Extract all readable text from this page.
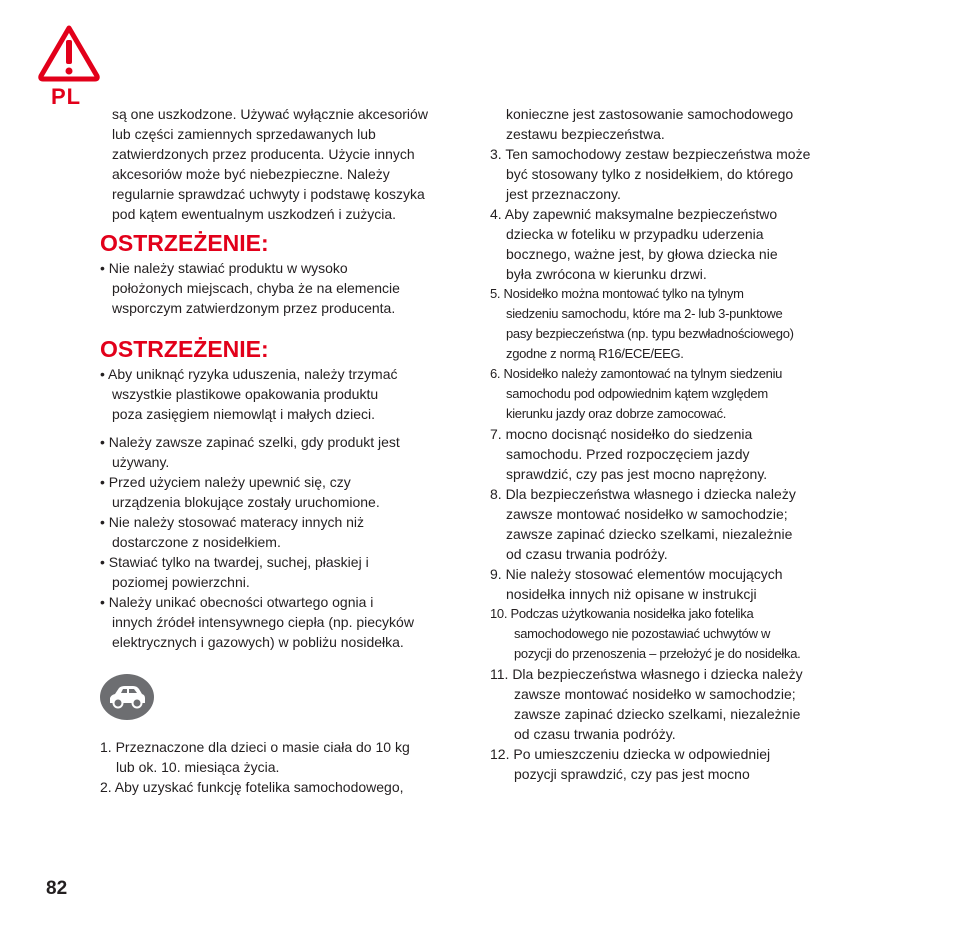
PL
są one uszkodzone. Używać wyłącznie akcesoriów
lub części zamiennych sprzedawanych lub
zatwierdzonych przez producenta. Użycie innych
akcesoriów może być niebezpieczne. Należy
regularnie sprawdzać uchwyty i podstawę koszyka
pod kątem ewentualnym uszkodzeń i zużycia.
OSTRZEŻENIE:
• Nie należy stawiać produktu w wysoko
położonych miejscach, chyba że na elemencie
wsporczym zatwierdzonym przez producenta.
OSTRZEŻENIE:
• Aby uniknąć ryzyka uduszenia, należy trzymać
wszystkie plastikowe opakowania produktu
poza zasięgiem niemowląt i małych dzieci.
• Należy zawsze zapinać szelki, gdy produkt jest
używany.
• Przed użyciem należy upewnić się, czy
urządzenia blokujące zostały uruchomione.
• Nie należy stosować materacy innych niż
dostarczone z nosidełkiem.
• Stawiać tylko na twardej, suchej, płaskiej i
poziomej powierzchni.
• Należy unikać obecności otwartego ognia i
innych źródeł intensywnego ciepła (np. piecyków
elektrycznych i gazowych) w pobliżu nosidełka.
1. Przeznaczone dla dzieci o masie ciała do 10 kg
lub ok. 10. miesiąca życia.
2. Aby uzyskać funkcję fotelika samochodowego,
konieczne jest zastosowanie samochodowego
zestawu bezpieczeństwa.
3. Ten samochodowy zestaw bezpieczeństwa może
być stosowany tylko z nosidełkiem, do którego
jest przeznaczony.
4. Aby zapewnić maksymalne bezpieczeństwo
dziecka w foteliku w przypadku uderzenia
bocznego, ważne jest, by głowa dziecka nie
była zwrócona w kierunku drzwi.
5. Nosidełko można montować tylko na tylnym
siedzeniu samochodu, które ma 2- lub 3-punktowe
pasy bezpieczeństwa (np. typu bezwładnościowego)
zgodne z normą R16/ECE/EEG.
6. Nosidełko należy zamontować na tylnym siedzeniu
samochodu pod odpowiednim kątem względem
kierunku jazdy oraz dobrze zamocować.
7. mocno docisnąć nosidełko do siedzenia
samochodu. Przed rozpoczęciem jazdy
sprawdzić, czy pas jest mocno naprężony.
8. Dla bezpieczeństwa własnego i dziecka należy
zawsze montować nosidełko w samochodzie;
zawsze zapinać dziecko szelkami, niezależnie
od czasu trwania podróży.
9. Nie należy stosować elementów mocujących
nosidełka innych niż opisane w instrukcji
10. Podczas użytkowania nosidełka jako fotelika
samochodowego nie pozostawiać uchwytów w
pozycji do przenoszenia – przełożyć je do nosidełka.
11. Dla bezpieczeństwa własnego i dziecka należy
zawsze montować nosidełko w samochodzie;
zawsze zapinać dziecko szelkami, niezależnie
od czasu trwania podróży.
12. Po umieszczeniu dziecka w odpowiedniej
pozycji sprawdzić, czy pas jest mocno
82
